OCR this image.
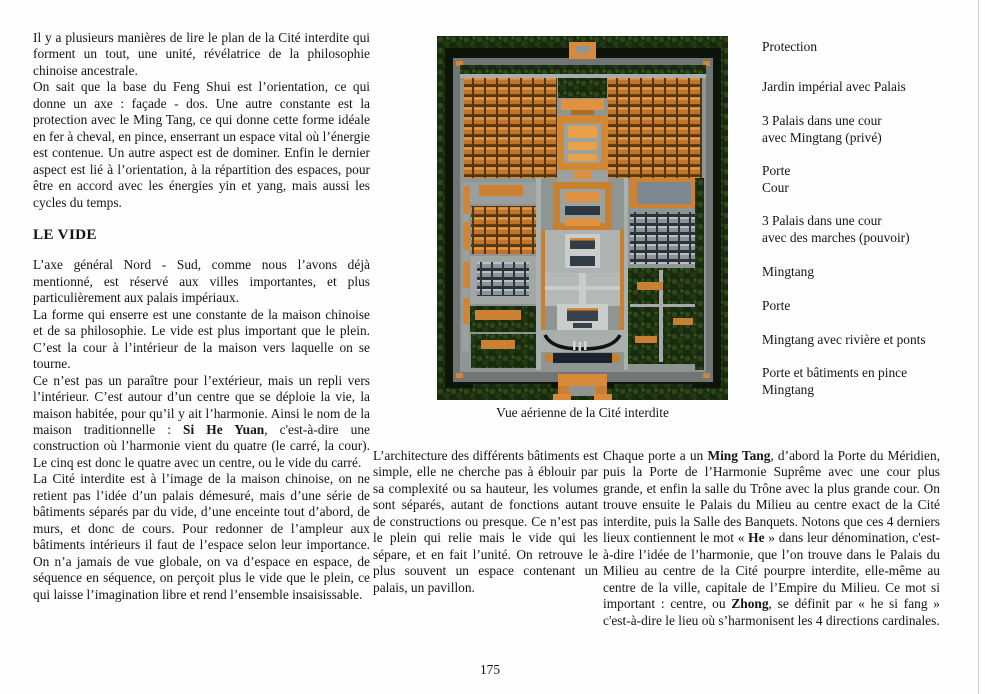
Il y a plusieurs manières de lire le plan de la Cité interdite qui forment un tout, une unité, révélatrice de la philosophie chinoise ancestrale.

On sait que la base du Feng Shui est l’orientation, ce qui donne un axe : façade - dos. Une autre constante est la protection avec le Ming Tang, ce qui donne cette forme idéale en fer à cheval, en pince, enserrant un espace vital où l’énergie est contenue. Un autre aspect est de dominer. Enfin le dernier aspect est lié à l’orientation, à la répartition des espaces, pour être en accord avec les énergies yin et yang, mais aussi les cycles du temps.

LE VIDE

L’axe général Nord - Sud, comme nous l’avons déjà mentionné, est réservé aux villes importantes, et plus particulièrement aux palais impériaux.

La forme qui enserre est une constante de la maison chinoise et de sa philosophie. Le vide est plus important que le plein. C’est la cour à l’intérieur de la maison vers laquelle on se tourne.

Ce n’est pas un paraître pour l’extérieur, mais un repli vers l’intérieur. C’est autour d’un centre que se déploie la vie, la maison habitée, pour qu’il y ait l’harmonie. Ainsi le nom de la maison traditionnelle : Si He Yuan, c'est-à-dire une construction où l’harmonie vient du quatre (le carré, la cour). Le cinq est donc le quatre avec un centre, ou le vide du carré.

La Cité interdite est à l’image de la maison chinoise, on ne retient pas l’idée d’un palais démesuré, mais d’une série de bâtiments séparés par du vide, d’une enceinte tout d’abord, de murs, et donc de cours. Pour redonner de l’ampleur aux bâtiments intérieurs il faut de l’espace selon leur importance. On n’a jamais de vue globale, on va d’espace en espace, de séquence en séquence, on perçoit plus le vide que le plein, ce qui laisse l’imagination libre et rend l’ensemble insaisissable.

Vue aérienne de la Cité interdite
Protection
Jardin impérial avec Palais
3 Palais dans une cour
avec Mingtang (privé)
Porte
Cour
3 Palais dans une cour
avec des marches (pouvoir)
Mingtang
Porte
Mingtang avec rivière et ponts
Porte et bâtiments en pince
Mingtang

L’architecture des différents bâtiments est simple, elle ne cherche pas à éblouir par sa complexité ou sa hauteur, les volumes sont séparés, autant de fonctions autant de constructions ou presque. Ce n’est pas le plein qui relie mais le vide qui les sépare, et en fait l’unité. On retrouve le plus souvent un espace contenant un palais, un pavillon.

Chaque porte a un Ming Tang, d’abord la Porte du Méridien, puis la Porte de l’Harmonie Suprême avec une cour plus grande, et enfin la salle du Trône avec la plus grande cour. On trouve ensuite le Palais du Milieu au centre exact de la Cité interdite, puis la Salle des Banquets. Notons que ces 4 derniers lieux contiennent le mot « He » dans leur dénomination, c'est-à-dire l’idée de l’harmonie, que l’on trouve dans le Palais du Milieu au centre de la Cité pourpre interdite, elle-même au centre de la ville, capitale de l’Empire du Milieu. Ce mot si important : centre, ou Zhong, se définit par « he si fang » c'est-à-dire le lieu où s’harmonisent les 4 directions cardinales.

175
